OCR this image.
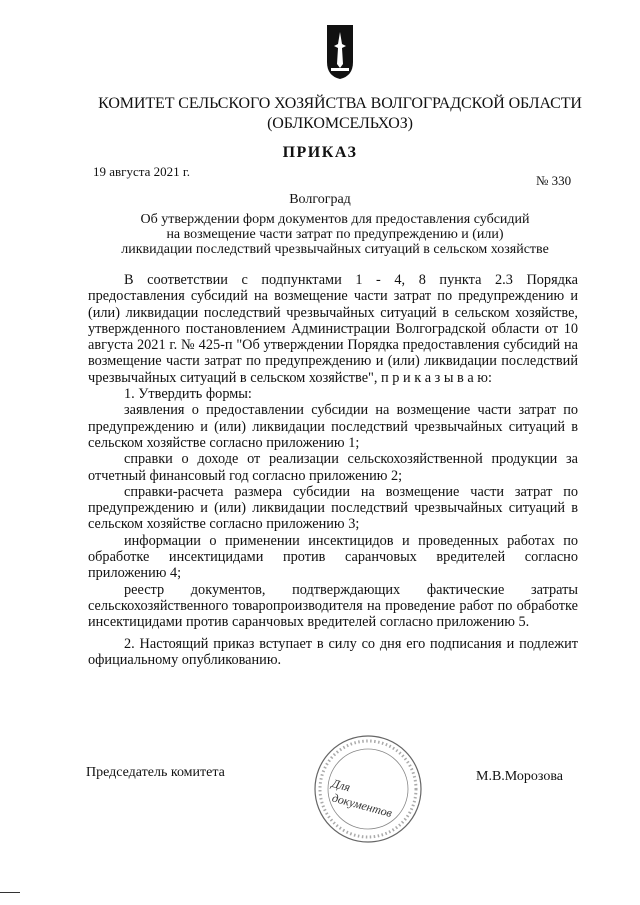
КОМИТЕТ СЕЛЬСКОГО ХОЗЯЙСТВА ВОЛГОГРАДСКОЙ ОБЛАСТИ
(ОБЛКОМСЕЛЬХОЗ)
ПРИКАЗ
19 августа 2021 г.
№ 330
Волгоград
Об утверждении форм документов для предоставления субсидий
на возмещение части затрат по предупреждению и (или)
ликвидации последствий чрезвычайных ситуаций в сельском хозяйстве

В соответствии с подпунктами 1 - 4, 8 пункта 2.3 Порядка предоставления субсидий на возмещение части затрат по предупреждению и (или) ликвидации последствий чрезвычайных ситуаций в сельском хозяйстве, утвержденного постановлением Администрации Волгоградской области от 10 августа 2021 г. № 425-п "Об утверждении Порядка предоставления субсидий на возмещение части затрат по предупреждению и (или) ликвидации последствий чрезвычайных ситуаций в сельском хозяйстве", п р и к а з ы в а ю:

1. Утвердить формы:

заявления о предоставлении субсидии на возмещение части затрат по предупреждению и (или) ликвидации последствий чрезвычайных ситуаций в сельском хозяйстве согласно приложению 1;

справки о доходе от реализации сельскохозяйственной продукции за отчетный финансовый год согласно приложению 2;

справки-расчета размера субсидии на возмещение части затрат по предупреждению и (или) ликвидации последствий чрезвычайных ситуаций в сельском хозяйстве согласно приложению 3;

информации о применении инсектицидов и проведенных работах по обработке инсектицидами против саранчовых вредителей согласно приложению 4;

реестр документов, подтверждающих фактические затраты сельскохозяйственного товаропроизводителя на проведение работ по обработке инсектицидами против саранчовых вредителей согласно приложению 5.

2. Настоящий приказ вступает в силу со дня его подписания и подлежит официальному опубликованию.

Председатель комитета
Для
документов
М.В.Морозова
